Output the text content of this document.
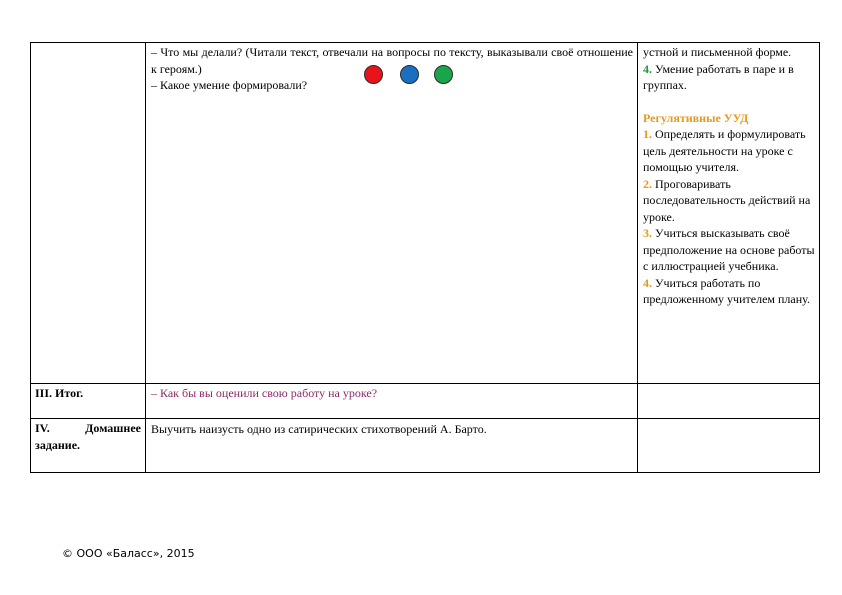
– Что мы делали? (Читали текст, отвечали на вопросы по тексту, выказывали своё отношение к героям.)
– Какое умение формировали?
устной и письменной форме.
4. Умение работать в паре и в группах.
Регулятивные УУД
1. Определять и формулировать цель деятельности на уроке с помощью учителя.
2. Проговаривать последовательность действий на уроке.
3. Учиться высказывать своё предположение на основе работы с иллюстрацией учебника.
4. Учиться работать по предложенному учителем плану.
III. Итог.	– Как бы вы оценили свою работу на уроке?
IV. Домашнее задание.
Выучить наизусть одно из сатирических стихотворений А. Барто.
© ООО «Баласс», 2015
